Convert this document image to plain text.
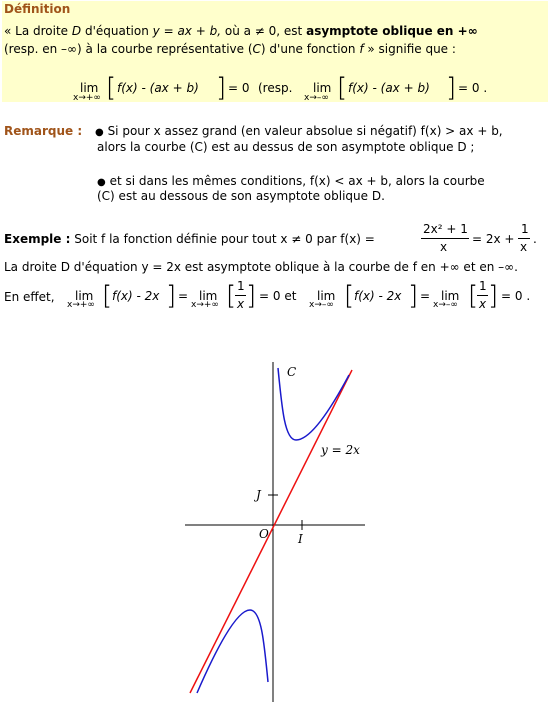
Définition
« La droite D d'équation y = ax + b, où a ≠ 0, est asymptote oblique en +∞
(resp. en –∞) à la courbe représentative (C) d'une fonction f » signifie que :
lim
x→+∞ [ f(x) - (ax + b) ] = 0 (resp. lim
x→–∞ [ f(x) - (ax + b) ] = 0 .
Remarque : ● Si pour x assez grand (en valeur absolue si négatif) f(x) > ax + b,
alors la courbe (C) est au dessus de son asymptote oblique D ;
● et si dans les mêmes conditions, f(x) < ax + b, alors la courbe
(C) est au dessous de son asymptote oblique D.
Exemple : Soit f la fonction définie pour tout x ≠ 0 par f(x) =
2x² + 1
x
= 2x +
1
x
.
La droite D d'équation y = 2x est asymptote oblique à la courbe de f en +∞ et en –∞.
En effet, lim
x→+∞ [ f(x) - 2x ] = lim
x→+∞ [ 1
x ] = 0 et lim
x→–∞ [ f(x) - 2x ] = lim
x→–∞ [ 1
x ] = 0 .
C
y = 2x
J
O I
